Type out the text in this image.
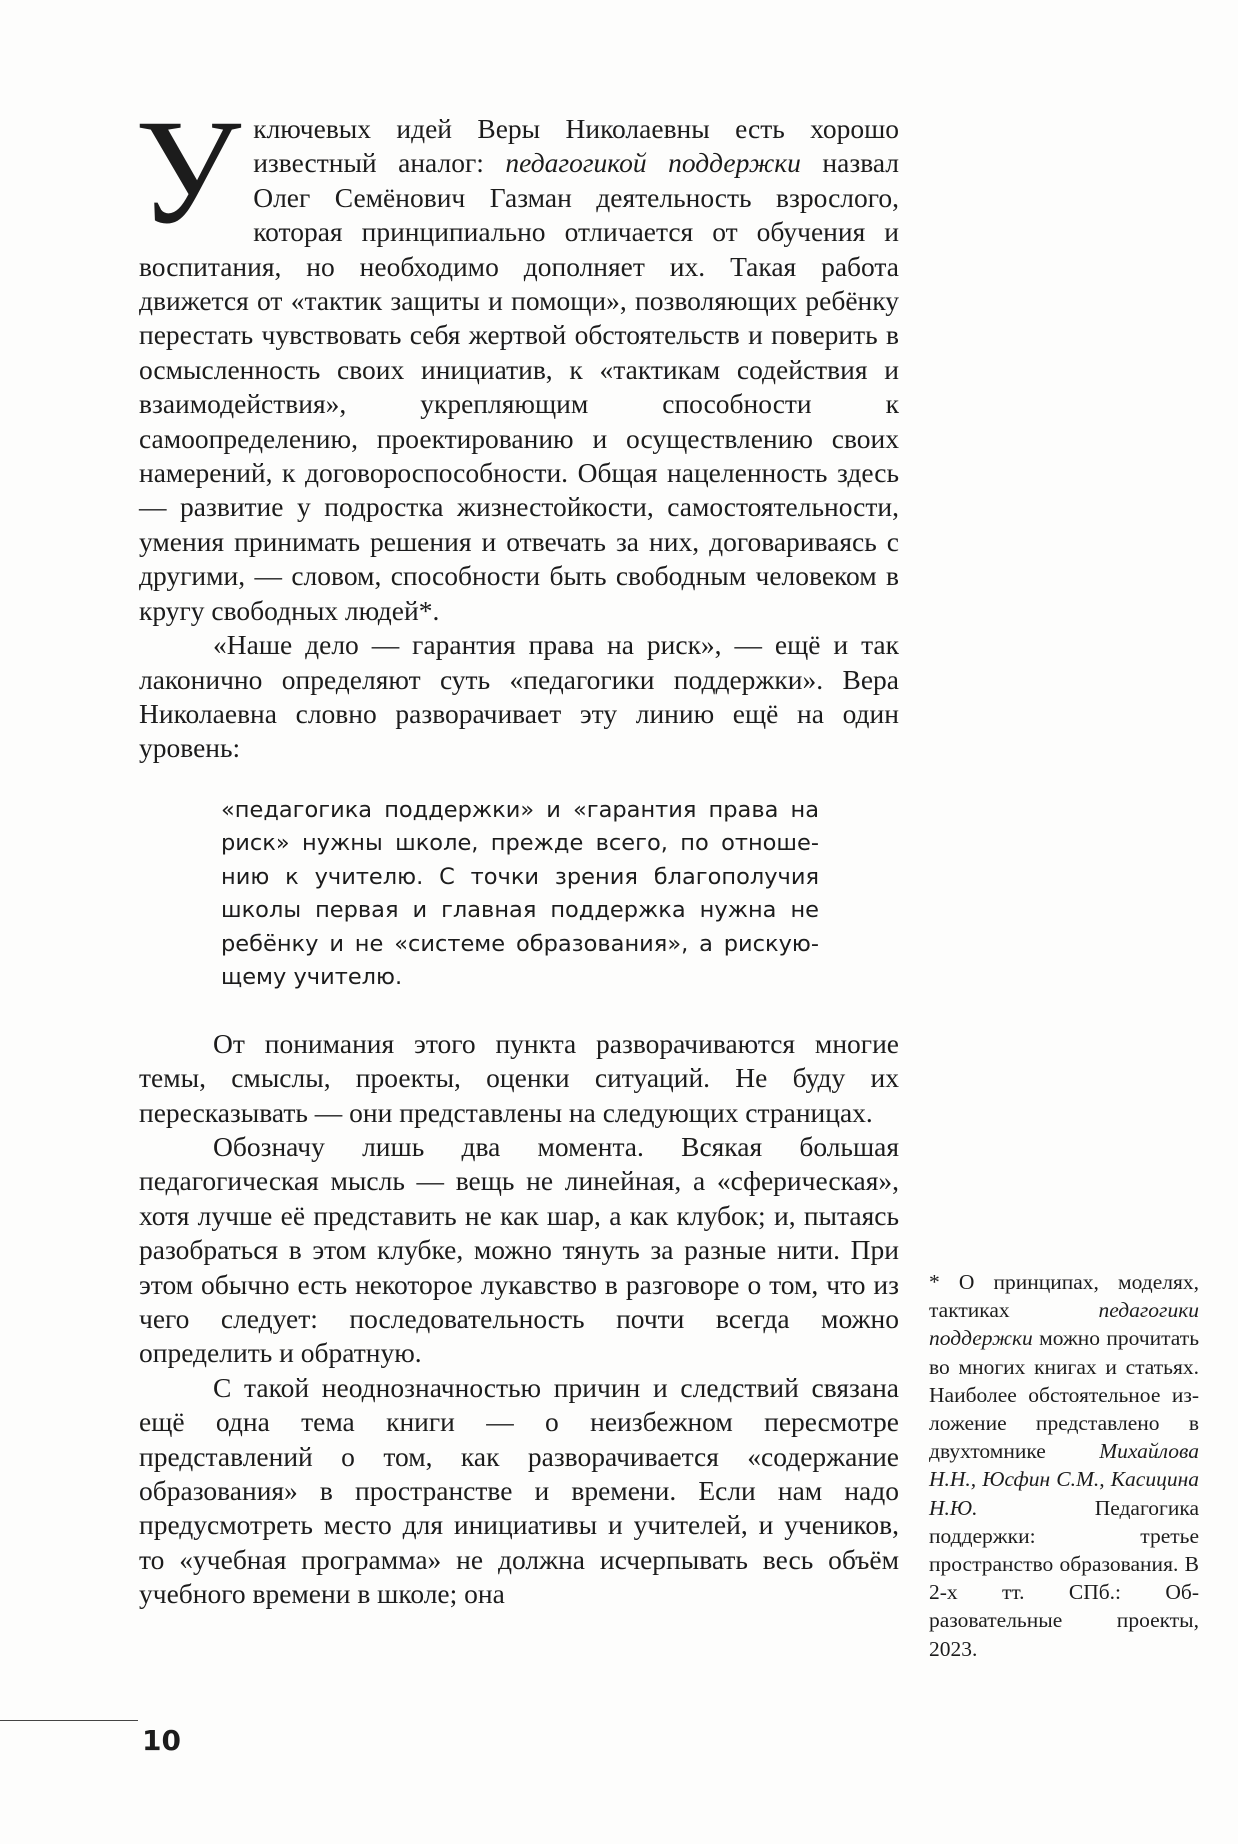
У ключевых идей Веры Николаевны есть хорошо известный аналог: педагогикой поддержки назвал Олег Семёнович Газман деятельность взрослого, которая принципиально отличается от обучения и воспитания, но необходимо дополняет их. Такая работа движется от «тактик защиты и помощи», позволяющих ребёнку перестать чувствовать себя жертвой обстоятельств и поверить в осмысленность своих инициатив, к «тактикам содействия и взаимодействия», укрепляющим способности к самоопределению, проектированию и осуществлению своих намерений, к договороспособности. Общая нацеленность здесь — развитие у подростка жизнестойкости, самостоятельности, умения принимать решения и отвечать за них, договариваясь с другими, — словом, способности быть свободным человеком в кругу свободных людей*.

«Наше дело — гарантия права на риск», — ещё и так лаконично определяют суть «педагогики поддержки». Вера Николаевна словно разворачивает эту линию ещё на один уровень:

«педагогика поддержки» и «гарантия права на риск» нужны школе, прежде всего, по отношению к учителю. С точки зрения благополучия школы первая и главная поддержка нужна не ребёнку и не «системе образования», а рискующему учителю.

От понимания этого пункта разворачиваются многие темы, смыслы, проекты, оценки ситуаций. Не буду их пересказывать — они представлены на следующих страницах.

Обозначу лишь два момента. Всякая большая педагогическая мысль — вещь не линейная, а «сферическая», хотя лучше её представить не как шар, а как клубок; и, пытаясь разобраться в этом клубке, можно тянуть за разные нити. При этом обычно есть некоторое лукавство в разговоре о том, что из чего следует: последовательность почти всегда можно определить и обратную.

С такой неоднозначностью причин и следствий связана ещё одна тема книги — о неизбежном пересмотре представлений о том, как разворачивается «содержание образования» в пространстве и времени. Если нам надо предусмотреть место для инициативы и учителей, и учеников, то «учебная программа» не должна исчерпывать весь объём учебного времени в школе; она

* О принципах, моделях, тактиках педагогики поддержки можно прочитать во многих книгах и статьях. Наиболее обстоятельное изложение представлено в двухтомнике Михайлова Н.Н., Юсфин С.М., Касицина Н.Ю. Педагогика поддержки: третье пространство образования. В 2-х тт. СПб.: Образовательные проекты, 2023.
10
